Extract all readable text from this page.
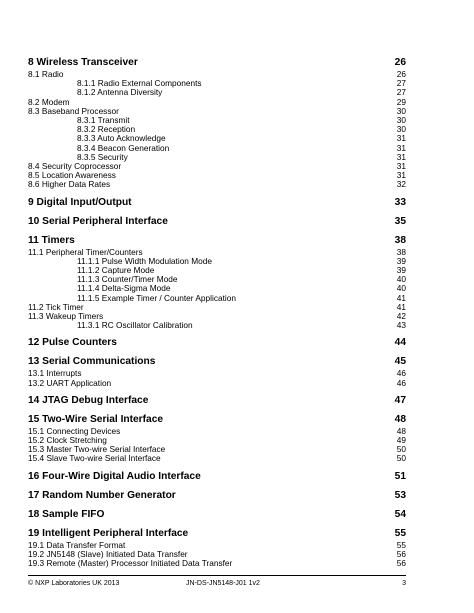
8 Wireless Transceiver	26
8.1 Radio	26
8.1.1 Radio External Components	27
8.1.2 Antenna Diversity	27
8.2 Modem	29
8.3 Baseband Processor	30
8.3.1 Transmit	30
8.3.2 Reception	30
8.3.3 Auto Acknowledge	31
8.3.4 Beacon Generation	31
8.3.5 Security	31
8.4 Security Coprocessor	31
8.5 Location Awareness	31
8.6 Higher Data Rates	32
9 Digital Input/Output	33
10 Serial Peripheral Interface	35
11 Timers	38
11.1 Peripheral Timer/Counters	38
11.1.1 Pulse Width Modulation Mode	39
11.1.2 Capture Mode	39
11.1.3 Counter/Timer Mode	40
11.1.4 Delta-Sigma Mode	40
11.1.5 Example Timer / Counter Application	41
11.2 Tick Timer	41
11.3 Wakeup Timers	42
11.3.1 RC Oscillator Calibration	43
12 Pulse Counters	44
13 Serial Communications	45
13.1 Interrupts	46
13.2 UART Application	46
14 JTAG Debug Interface	47
15 Two-Wire Serial Interface	48
15.1 Connecting Devices	48
15.2 Clock Stretching	49
15.3 Master Two-wire Serial Interface	50
15.4 Slave Two-wire Serial Interface	50
16 Four-Wire Digital Audio Interface	51
17 Random Number Generator	53
18 Sample FIFO	54
19 Intelligent Peripheral Interface	55
19.1 Data Transfer Format	55
19.2 JN5148 (Slave) Initiated Data Transfer	56
19.3 Remote (Master) Processor Initiated Data Transfer	56
© NXP Laboratories UK 2013	JN-DS-JN5148-J01 1v2	3
